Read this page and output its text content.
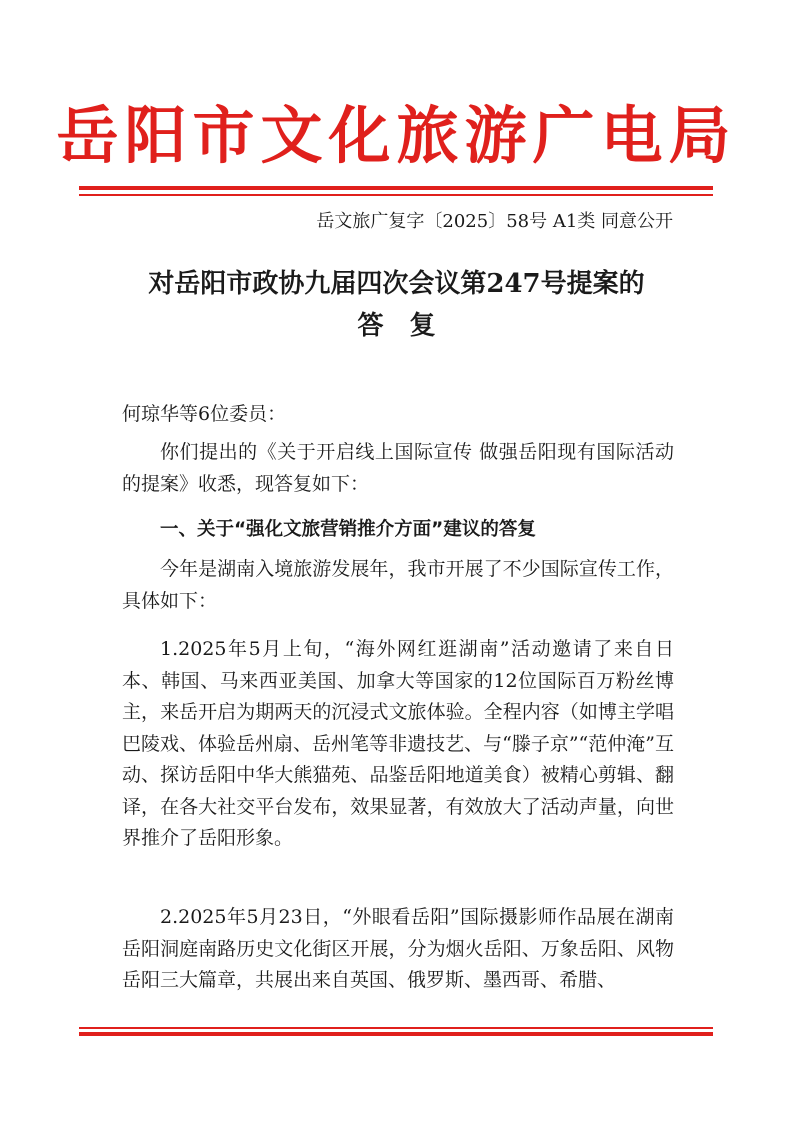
岳阳市文化旅游广电局
岳文旅广复字〔2025〕58号 A1类 同意公开
对岳阳市政协九届四次会议第247号提案的
答复
何琼华等6位委员：
你们提出的《关于开启线上国际宣传 做强岳阳现有国际活动的提案》收悉，现答复如下：
一、关于“强化文旅营销推介方面”建议的答复
今年是湖南入境旅游发展年，我市开展了不少国际宣传工作，具体如下：
1.2025年5月上旬，“海外网红逛湖南”活动邀请了来自日本、韩国、马来西亚美国、加拿大等国家的12位国际百万粉丝博主，来岳开启为期两天的沉浸式文旅体验。全程内容（如博主学唱巴陵戏、体验岳州扇、岳州笔等非遗技艺、与“滕子京”“范仲淹”互动、探访岳阳中华大熊猫苑、品鉴岳阳地道美食）被精心剪辑、翻译，在各大社交平台发布，效果显著，有效放大了活动声量，向世界推介了岳阳形象。
2.2025年5月23日，“外眼看岳阳”国际摄影师作品展在湖南岳阳洞庭南路历史文化街区开展，分为烟火岳阳、万象岳阳、风物岳阳三大篇章，共展出来自英国、俄罗斯、墨西哥、希腊、
